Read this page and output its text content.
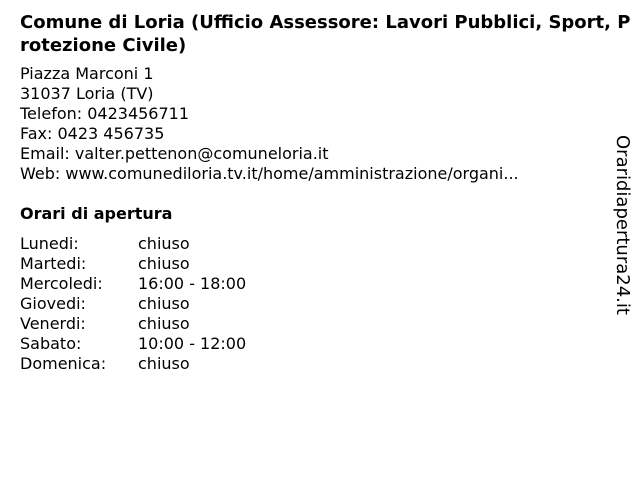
Comune di Loria (Ufficio Assessore: Lavori Pubblici, Sport, Protezione Civile)
Piazza Marconi 1
31037 Loria (TV)
Telefon: 0423456711
Fax: 0423 456735
Email: valter.pettenon@comuneloria.it
Web: www.comunediloria.tv.it/home/amministrazione/organi...
Orari di apertura
Lunedi:	chiuso
Martedi:	chiuso
Mercoledi: 16:00 - 18:00
Giovedi:	chiuso
Venerdi:	chiuso
Sabato:	10:00 - 12:00
Domenica: chiuso
Oraridiapertura24.it
